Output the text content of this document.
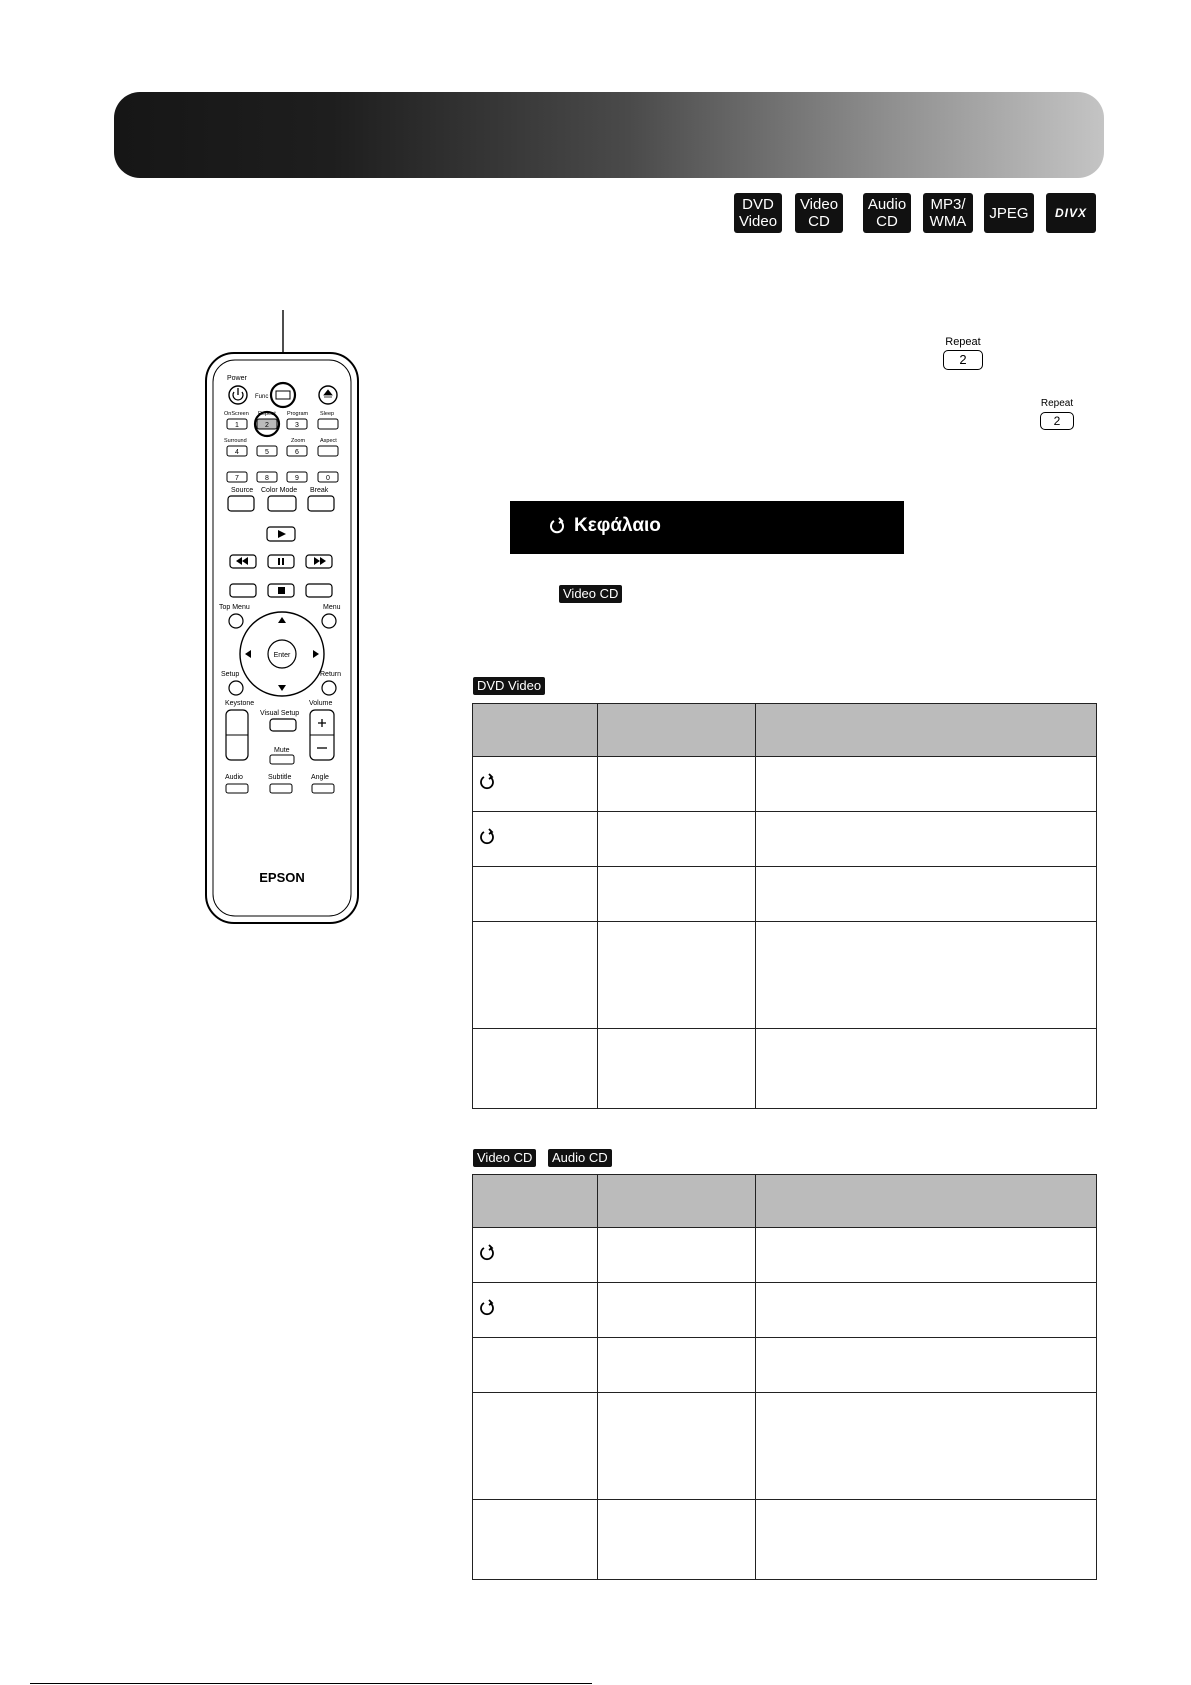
DVD
Video
Video
CD
Audio
CD
MP3/
WMA JPEG DIVX
Repeat
2
Repeat
2
Κεφάλαιο
Video CD
DVD Video

Video CD	Audio CD

Power
Func
OnScreen Repeat Program Sleep
1	2	3
Surround	Zoom	Aspect
4	5	6
7	8	9	0
Source Color Mode Break
Top Menu	Menu
Enter
Setup	Return
Keystone	Volume
Visual Setup
Mute
Audio	Subtitle	Angle
EPSON
